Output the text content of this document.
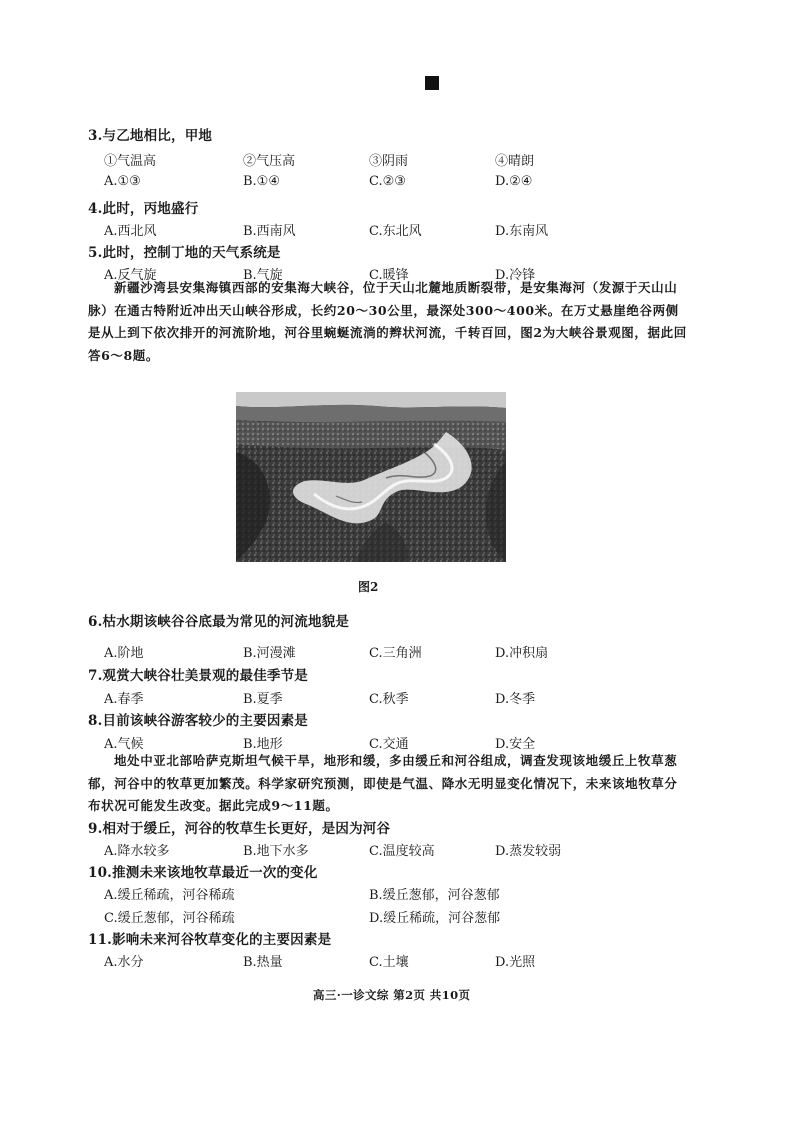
3.与乙地相比，甲地
①气温高	②气压高	③阴雨	④晴朗
A.①③	B.①④	C.②③	D.②④
4.此时，丙地盛行
A.西北风	B.西南风	C.东北风	D.东南风
5.此时，控制丁地的天气系统是
A.反气旋	B.气旋	C.暖锋	D.冷锋
新疆沙湾县安集海镇西部的安集海大峡谷，位于天山北麓地质断裂带，是安集海河（发源于天山山脉）在通古特附近冲出天山峡谷形成，长约20～30公里，最深处300～400米。在万丈悬崖绝谷两侧是从上到下依次排开的河流阶地，河谷里蜿蜒流淌的辫状河流，千转百回，图2为大峡谷景观图，据此回答6～8题。
图2
6.枯水期该峡谷谷底最为常见的河流地貌是
A.阶地	B.河漫滩	C.三角洲	D.冲积扇
7.观赏大峡谷壮美景观的最佳季节是
A.春季	B.夏季	C.秋季	D.冬季
8.目前该峡谷游客较少的主要因素是
A.气候	B.地形	C.交通	D.安全
地处中亚北部哈萨克斯坦气候干旱，地形和缓，多由缓丘和河谷组成，调查发现该地缓丘上牧草葱郁，河谷中的牧草更加繁茂。科学家研究预测，即使是气温、降水无明显变化情况下，未来该地牧草分布状况可能发生改变。据此完成9～11题。
9.相对于缓丘，河谷的牧草生长更好，是因为河谷
A.降水较多	B.地下水多	C.温度较高	D.蒸发较弱
10.推测未来该地牧草最近一次的变化
A.缓丘稀疏，河谷稀疏	B.缓丘葱郁，河谷葱郁
C.缓丘葱郁，河谷稀疏	D.缓丘稀疏，河谷葱郁
11.影响未来河谷牧草变化的主要因素是
A.水分	B.热量	C.土壤	D.光照
高三·一诊文综 第2页 共10页
